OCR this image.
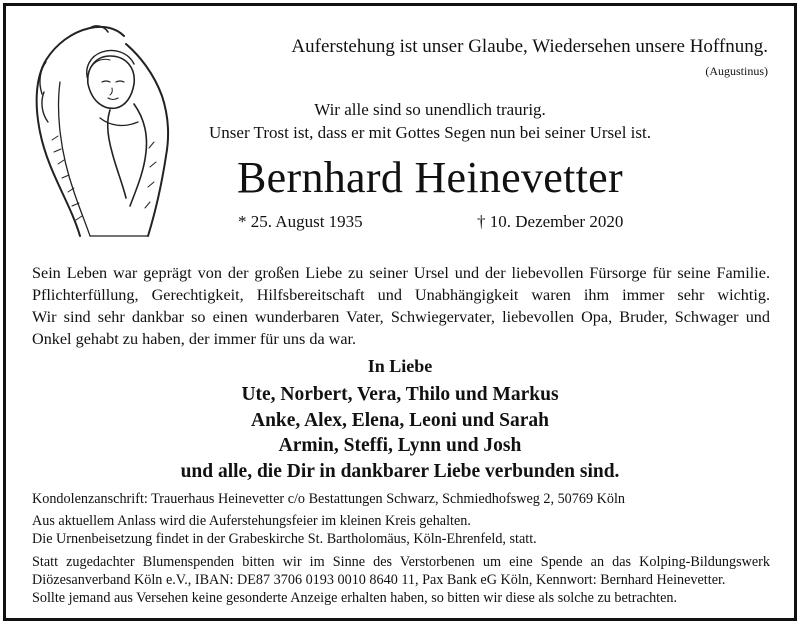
Auferstehung ist unser Glaube, Wiedersehen unsere Hoffnung.
(Augustinus)
Wir alle sind so unendlich traurig.
Unser Trost ist, dass er mit Gottes Segen nun bei seiner Ursel ist.
Bernhard Heinevetter
* 25. August 1935	† 10. Dezember 2020
Sein Leben war geprägt von der großen Liebe zu seiner Ursel und der liebevollen Fürsorge für seine Familie.
Pflichterfüllung, Gerechtigkeit, Hilfsbereitschaft und Unabhängigkeit waren ihm immer sehr wichtig.
Wir sind sehr dankbar so einen wunderbaren Vater, Schwiegervater, liebevollen Opa, Bruder, Schwager und
Onkel gehabt zu haben, der immer für uns da war.
In Liebe
Ute, Norbert, Vera, Thilo und Markus
Anke, Alex, Elena, Leoni und Sarah
Armin, Steffi, Lynn und Josh
und alle, die Dir in dankbarer Liebe verbunden sind.
Kondolenzanschrift: Trauerhaus Heinevetter c/o Bestattungen Schwarz, Schmiedhofsweg 2, 50769 Köln
Aus aktuellem Anlass wird die Auferstehungsfeier im kleinen Kreis gehalten.
Die Urnenbeisetzung findet in der Grabeskirche St. Bartholomäus, Köln-Ehrenfeld, statt.
Statt zugedachter Blumenspenden bitten wir im Sinne des Verstorbenen um eine Spende an das Kolping-Bildungswerk
Diözesanverband Köln e.V., IBAN: DE87 3706 0193 0010 8640 11, Pax Bank eG Köln, Kennwort: Bernhard Heinevetter.
Sollte jemand aus Versehen keine gesonderte Anzeige erhalten haben, so bitten wir diese als solche zu betrachten.
